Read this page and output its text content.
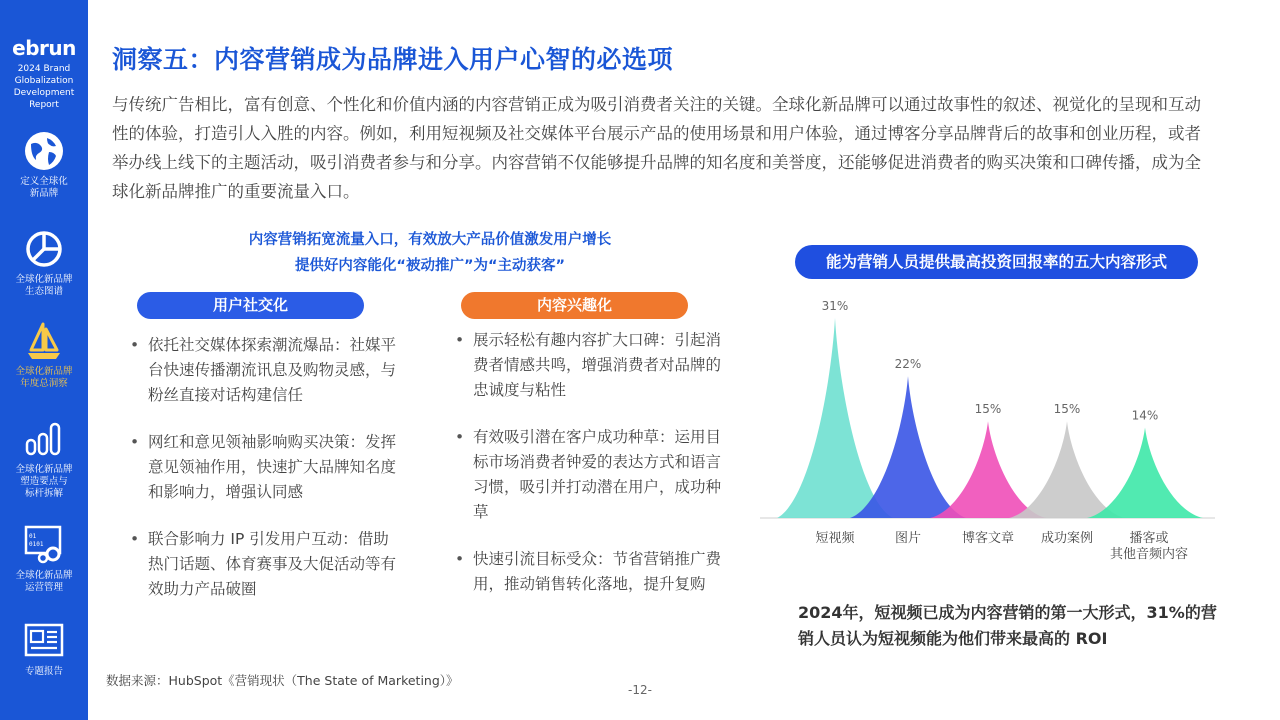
ebrun
2024 Brand
Globalization
Development
Report
定义全球化
新品牌
全球化新品牌
生态图谱
全球化新品牌
年度总洞察
全球化新品牌
塑造要点与
标杆拆解
01
0101
全球化新品牌
运营管理
专题报告
洞察五：内容营销成为品牌进入用户心智的必选项
与传统广告相比，富有创意、个性化和价值内涵的内容营销正成为吸引消费者关注的关键。全球化新品牌可以通过故事性的叙述、视觉化的呈现和互动性的体验，打造引人入胜的内容。例如，利用短视频及社交媒体平台展示产品的使用场景和用户体验，通过博客分享品牌背后的故事和创业历程，或者举办线上线下的主题活动，吸引消费者参与和分享。内容营销不仅能够提升品牌的知名度和美誉度，还能够促进消费者的购买决策和口碑传播，成为全球化新品牌推广的重要流量入口。
内容营销拓宽流量入口，有效放大产品价值激发用户增长
提供好内容能化“被动推广”为“主动获客”
用户社交化	内容兴趣化
• 依托社交媒体探索潮流爆品：社媒平台快速传播潮流讯息及购物灵感，与粉丝直接对话构建信任
• 网红和意见领袖影响购买决策：发挥意见领袖作用，快速扩大品牌知名度和影响力，增强认同感
• 联合影响力 IP 引发用户互动：借助热门话题、体育赛事及大促活动等有效助力产品破圈
• 展示轻松有趣内容扩大口碑：引起消费者情感共鸣，增强消费者对品牌的忠诚度与粘性
• 有效吸引潜在客户成功种草：运用目标市场消费者钟爱的表达方式和语言习惯，吸引并打动潜在用户，成功种草
• 快速引流目标受众：节省营销推广费用，推动销售转化落地，提升复购
能为营销人员提供最高投资回报率的五大内容形式
31%
短视频
22%
图片
15%
博客文章
15%
成功案例
14%
播客或
其他音频内容
2024年，短视频已成为内容营销的第一大形式，31%的营销人员认为短视频能为他们带来最高的 ROI
数据来源：HubSpot《营销现状（The State of Marketing）》
-12-
